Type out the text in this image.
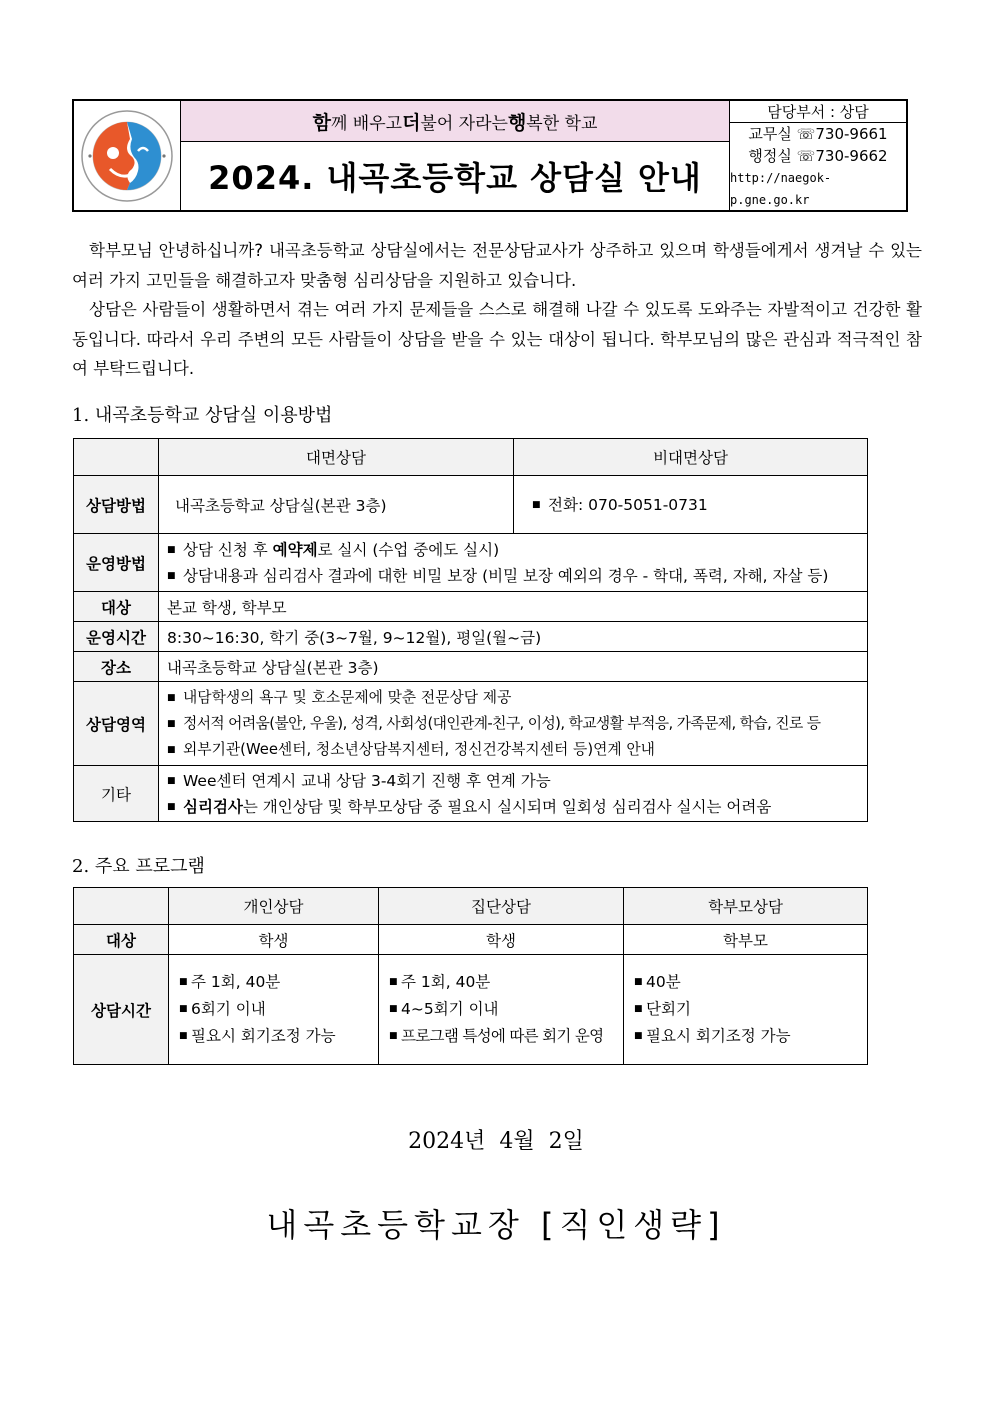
함 께 배우고 더 불어 자라는 행 복한 학교
2024. 내곡초등학교 상담실 안내
담당부서 : 상담
교무실 ☏730-9661
행정실 ☏730-9662
http://naegok-p.gne.go.kr

학부모님 안녕하십니까? 내곡초등학교 상담실에서는 전문상담교사가 상주하고 있으며 학생들에게서 생겨날 수 있는 여러 가지 고민들을 해결하고자 맞춤형 심리상담을 지원하고 있습니다.

상담은 사람들이 생활하면서 겪는 여러 가지 문제들을 스스로 해결해 나갈 수 있도록 도와주는 자발적이고 건강한 활동입니다. 따라서 우리 주변의 모든 사람들이 상담을 받을 수 있는 대상이 됩니다. 학부모님의 많은 관심과 적극적인 참여 부탁드립니다.

1. 내곡초등학교 상담실 이용방법
	대면상담	비대면상담
상담방법	내곡초등학교 상담실(본관 3층)	■ 전화: 070-5051-0731

운영방법	■ 상담 신청 후 예약제로 실시 (수업 중에도 실시)
■ 상담내용과 심리검사 결과에 대한 비밀 보장 (비밀 보장 예외의 경우 - 학대, 폭력, 자해, 자살 등)

대상	본교 학생, 학부모	
운영시간	8:30~16:30, 학기 중(3~7월, 9~12월), 평일(월~금)	
장소	내곡초등학교 상담실(본관 3층)	
상담영역	■ 내담학생의 욕구 및 호소문제에 맞춘 전문상담 제공
■ 정서적 어려움(불안, 우울), 성격, 사회성(대인관계-친구, 이성), 학교생활 부적응, 가족문제, 학습, 진로 등
■ 외부기관(Wee센터, 청소년상담복지센터, 정신건강복지센터 등)연계 안내

기타	■ Wee센터 연계시 교내 상담 3-4회기 진행 후 연계 가능
■ 심리검사는 개인상담 및 학부모상담 중 필요시 실시되며 일회성 심리검사 실시는 어려움
2. 주요 프로그램
	개인상담	집단상담	학부모상담
대상	학생	학생	학부모
상담시간	■ 주 1회, 40분
■ 6회기 이내
■ 필요시 회기조정 가능	■ 주 1회, 40분
■ 4~5회기 이내
■ 프로그램 특성에 따른 회기 운영	■ 40분
■ 단회기
■ 필요시 회기조정 가능
2024년  4월  2일
내곡초등학교장 [직인생략]
